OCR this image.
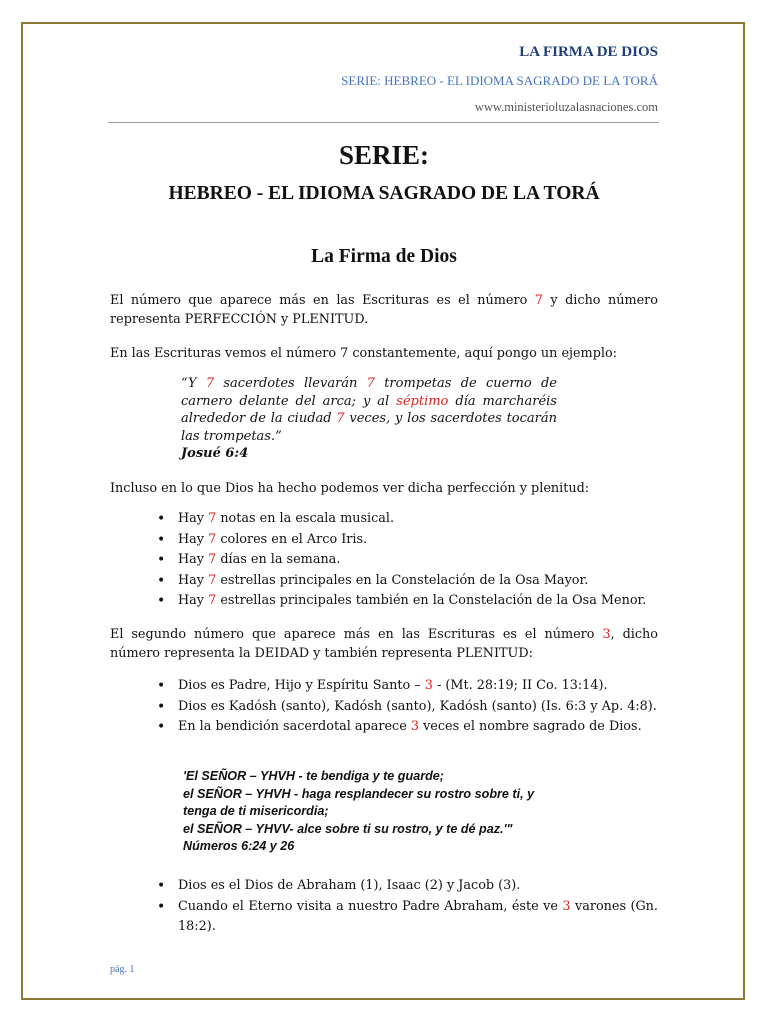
LA FIRMA DE DIOS
SERIE: HEBREO - EL IDIOMA SAGRADO DE LA TORÁ
www.ministerioluzalasnaciones.com
SERIE:
HEBREO - EL IDIOMA SAGRADO DE LA TORÁ
La Firma de Dios

El número que aparece más en las Escrituras es el número 7 y dicho número representa PERFECCIÓN y PLENITUD.

En las Escrituras vemos el número 7 constantemente, aquí pongo un ejemplo:

“Y 7 sacerdotes llevarán 7 trompetas de cuerno de carnero delante del arca; y al séptimo día marcharéis alrededor de la ciudad 7 veces, y los sacerdotes tocarán las trompetas.”
Josué 6:4

Incluso en lo que Dios ha hecho podemos ver dicha perfección y plenitud:

• Hay 7 notas en la escala musical.
• Hay 7 colores en el Arco Iris.
• Hay 7 días en la semana.
• Hay 7 estrellas principales en la Constelación de la Osa Mayor.
• Hay 7 estrellas principales también en la Constelación de la Osa Menor.

El segundo número que aparece más en las Escrituras es el número 3, dicho número representa la DEIDAD y también representa PLENITUD:

• Dios es Padre, Hijo y Espíritu Santo – 3 - (Mt. 28:19; II Co. 13:14).
• Dios es Kadósh (santo), Kadósh (santo), Kadósh (santo) (Is. 6:3 y Ap. 4:8).
• En la bendición sacerdotal aparece 3 veces el nombre sagrado de Dios.
'El SEÑOR – YHVH - te bendiga y te guarde;
el SEÑOR – YHVH - haga resplandecer su rostro sobre ti, y
tenga de ti misericordia;
el SEÑOR – YHVV- alce sobre ti su rostro, y te dé paz.'"
Números 6:24 y 26
• Dios es el Dios de Abraham (1), Isaac (2) y Jacob (3).
• Cuando el Eterno visita a nuestro Padre Abraham, éste ve 3 varones (Gn. 18:2).
pág. 1
